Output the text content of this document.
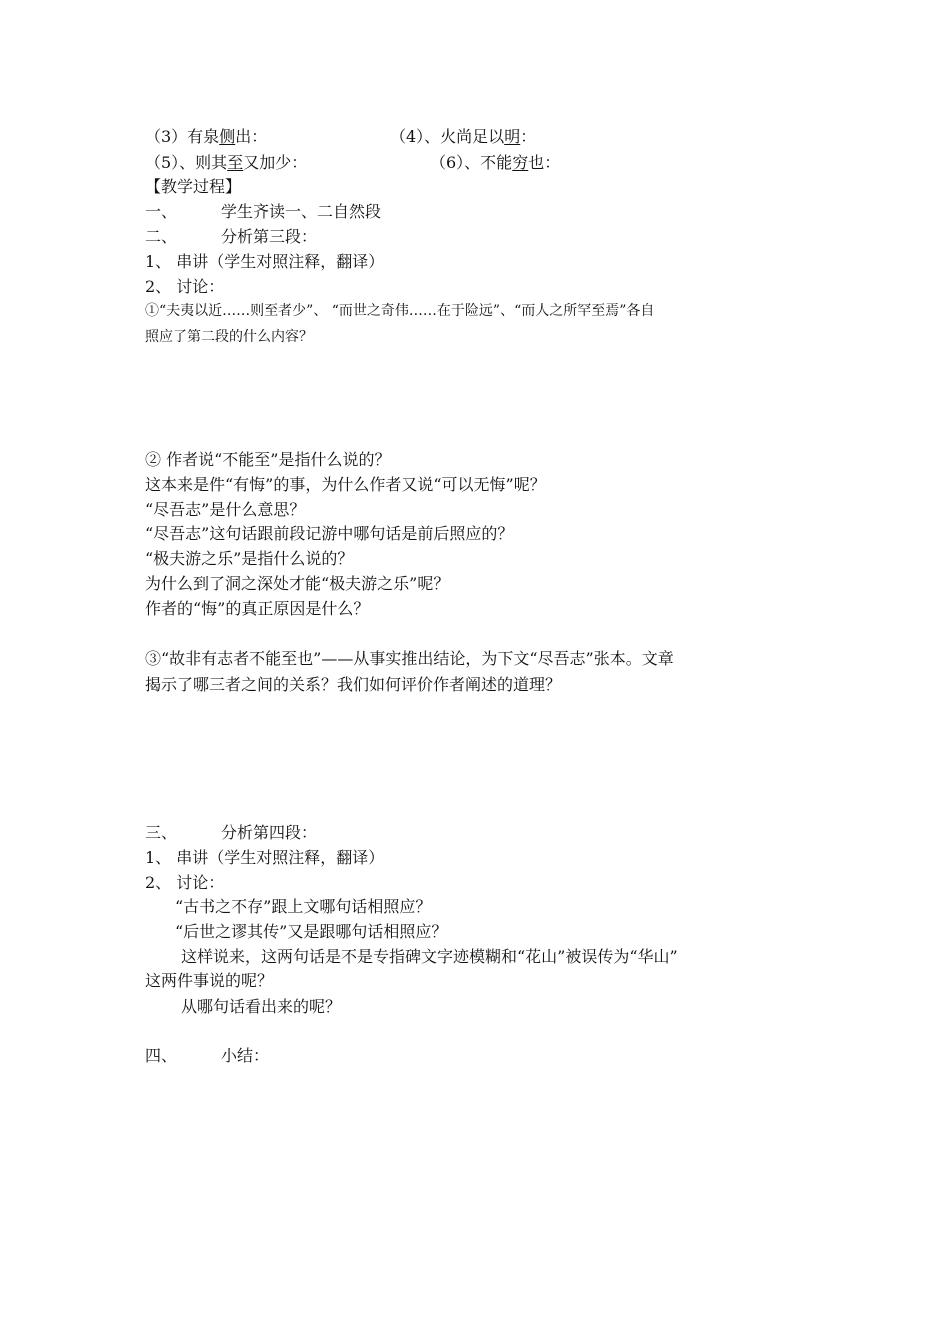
（3）有泉侧出：	（4）、火尚足以明：
（5）、则其至又加少：	（6）、不能穷也：
【教学过程】
一、	学生齐读一、二自然段
二、	分析第三段：
1、 串讲（学生对照注释，翻译）
2、 讨论：
①“夫夷以近……则至者少”、 “而世之奇伟……在于险远”、“而人之所罕至焉”各自
照应了第二段的什么内容？
② 作者说“不能至”是指什么说的？
这本来是件“有悔”的事，为什么作者又说“可以无悔”呢？
“尽吾志”是什么意思？
“尽吾志”这句话跟前段记游中哪句话是前后照应的？
“极夫游之乐”是指什么说的？
为什么到了洞之深处才能“极夫游之乐”呢？
作者的“悔”的真正原因是什么？
③“故非有志者不能至也”——从事实推出结论，为下文“尽吾志”张本。文章
揭示了哪三者之间的关系？我们如何评价作者阐述的道理？
三、	分析第四段：
1、 串讲（学生对照注释，翻译）
2、 讨论：
“古书之不存”跟上文哪句话相照应？
“后世之谬其传”又是跟哪句话相照应？
这样说来，这两句话是不是专指碑文字迹模糊和“花山”被误传为“华山”
这两件事说的呢？
从哪句话看出来的呢？
四、	小结：
